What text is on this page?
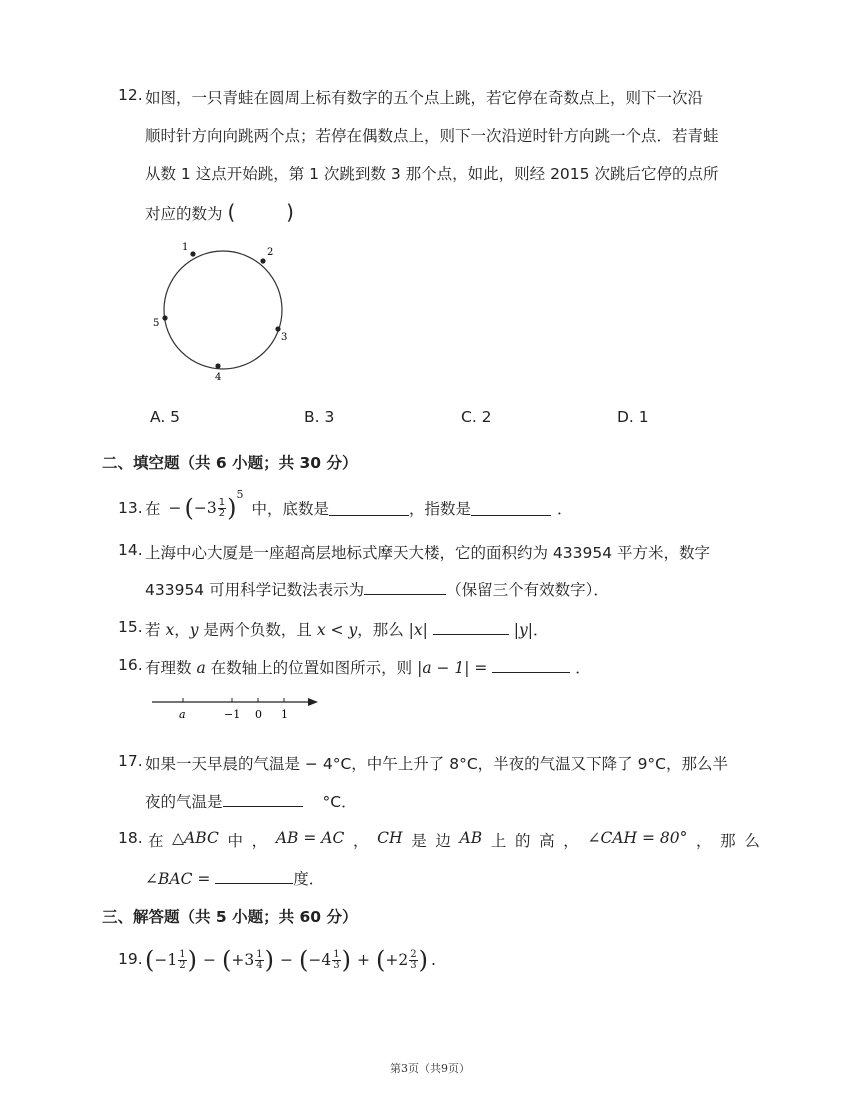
12. 如图，一只青蛙在圆周上标有数字的五个点上跳，若它停在奇数点上，则下一次沿
顺时针方向向跳两个点；若停在偶数点上，则下一次沿逆时针方向跳一个点．若青蛙
从数 1 这点开始跳，第 1 次跳到数 3 那个点，如此，则经 2015 次跳后它停的点所
对应的数为 (        )
1	2
3
4
5
A. 5	B. 3	C. 2	D. 1
二、填空题（共 6 小题；共 30 分）
13. 在 − ( $-3 \frac{1}{2}$ ) 5
中，底数是	，指数是	．
14. 上海中心大厦是一座超高层地标式摩天大楼，它的面积约为 433954 平方米，数字
433954 可用科学记数法表示为	（保留三个有效数字）．
15. 若 x，y 是两个负数，且 x < y，那么 |x|	|y|．
16. 有理数 a 在数轴上的位置如图所示，则 |a − 1| =	．
a	−1 0 1
17. 如果一天早晨的气温是 − 4°C，中午上升了 8°C，半夜的气温又下降了 9°C，那么半
夜的气温是	°C．
18. 在 △ABC 中 ， AB = AC ， CH 是 边 AB 上 的 高 ， ∠CAH = 80° ， 那 么
∠BAC =	度．
三、解答题（共 5 小题；共 60 分）
19. ( $-1 \frac{1}{2}$ ) − ( $+3 \frac{1}{4}$ ) − ( $-4 \frac{1}{3}$ ) + ( $+2 \frac{2}{3}$ ) .
第3页（共9页）
